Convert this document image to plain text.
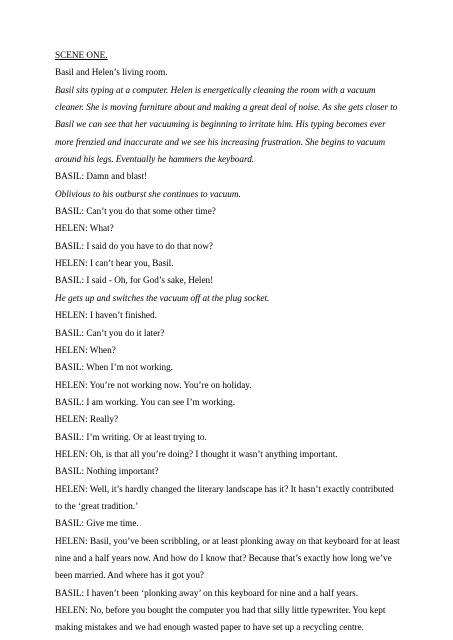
SCENE ONE.
Basil and Helen’s living room.
Basil sits typing at a computer. Helen is energetically cleaning the room with a vacuum
cleaner. She is moving furniture about and making a great deal of noise. As she gets closer to
Basil we can see that her vacuuming is beginning to irritate him. His typing becomes ever
more frenzied and inaccurate and we see his increasing frustration. She begins to vacuum
around his legs. Eventually he hammers the keyboard.
BASIL: Damn and blast!
Oblivious to his outburst she continues to vacuum.
BASIL: Can’t you do that some other time?
HELEN: What?
BASIL: I said do you have to do that now?
HELEN: I can’t hear you, Basil.
BASIL: I said - Oh, for God’s sake, Helen!
He gets up and switches the vacuum off at the plug socket.
HELEN: I haven’t finished.
BASIL: Can’t you do it later?
HELEN: When?
BASIL: When I’m not working.
HELEN: You’re not working now. You’re on holiday.
BASIL: I am working. You can see I’m working.
HELEN: Really?
BASIL: I’m writing. Or at least trying to.
HELEN: Oh, is that all you’re doing? I thought it wasn’t anything important.
BASIL: Nothing important?
HELEN: Well, it’s hardly changed the literary landscape has it? It hasn’t exactly contributed
to the ‘great tradition.’
BASIL: Give me time.
HELEN: Basil, you’ve been scribbling, or at least plonking away on that keyboard for at least
nine and a half years now. And how do I know that? Because that’s exactly how long we’ve
been married. And where has it got you?
BASIL: I haven’t been ‘plonking away’ on this keyboard for nine and a half years.
HELEN: No, before you bought the computer you had that silly little typewriter. You kept
making mistakes and we had enough wasted paper to have set up a recycling centre.
